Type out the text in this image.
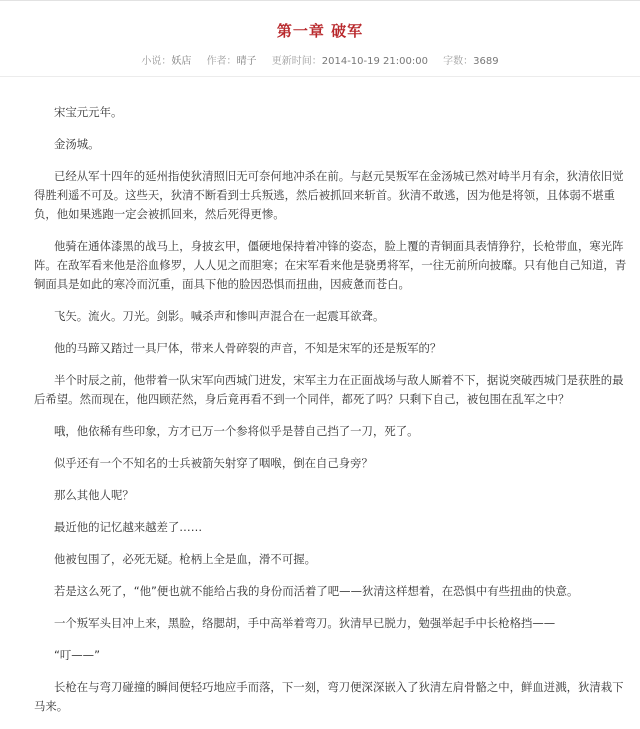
第一章 破军
小说：妖店 作者：晴子 更新时间：2014-10-19 21:00:00 字数：3689

宋宝元元年。

金汤城。

已经从军十四年的延州指使狄清照旧无可奈何地冲杀在前。与赵元昊叛军在金汤城已然对峙半月有余，狄清依旧觉得胜利遥不可及。这些天，狄清不断看到士兵叛逃，然后被抓回来斩首。狄清不敢逃，因为他是将领，且体弱不堪重负，他如果逃跑一定会被抓回来，然后死得更惨。

他骑在通体漆黑的战马上，身披玄甲，僵硬地保持着冲锋的姿态，脸上覆的青铜面具表情狰狞，长枪带血，寒光阵阵。在敌军看来他是浴血修罗，人人见之而胆寒；在宋军看来他是骁勇将军，一往无前所向披靡。只有他自己知道，青铜面具是如此的寒冷而沉重，面具下他的脸因恐惧而扭曲，因疲惫而苍白。

飞矢。流火。刀光。剑影。喊杀声和惨叫声混合在一起震耳欲聋。

他的马蹄又踏过一具尸体，带来人骨碎裂的声音，不知是宋军的还是叛军的？

半个时辰之前，他带着一队宋军向西城门进发，宋军主力在正面战场与敌人厮着不下，据说突破西城门是获胜的最后希望。然而现在，他四顾茫然，身后竟再看不到一个同伴，都死了吗？只剩下自己，被包围在乱军之中？

哦，他依稀有些印象，方才已万一个参将似乎是替自己挡了一刀，死了。

似乎还有一个不知名的士兵被箭矢射穿了咽喉，倒在自己身旁？

那么其他人呢？

最近他的记忆越来越差了……

他被包围了，必死无疑。枪柄上全是血，滑不可握。

若是这么死了，“他”便也就不能给占我的身份而活着了吧——狄清这样想着，在恐惧中有些扭曲的快意。

一个叛军头目冲上来，黑脸，络腮胡，手中高举着弯刀。狄清早已脱力，勉强举起手中长枪格挡——

“叮——”

长枪在与弯刀碰撞的瞬间便轻巧地应手而落，下一刻，弯刀便深深嵌入了狄清左肩骨骼之中，鲜血迸溅，狄清栽下马来。
